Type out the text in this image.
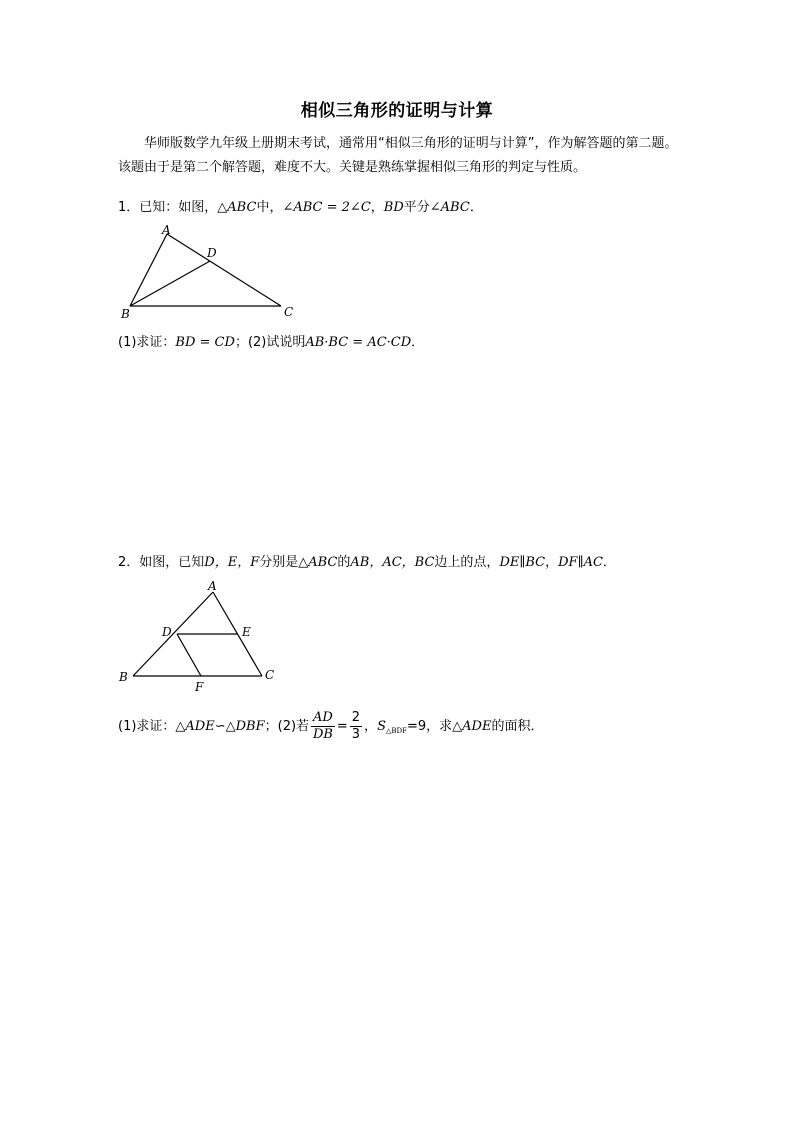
相似三角形的证明与计算
华师版数学九年级上册期末考试，通常用“相似三角形的证明与计算”，作为解答题的第二题。该题由于是第二个解答题，难度不大。关键是熟练掌握相似三角形的判定与性质。
1．已知：如图，△ABC中，∠ABC = 2∠C，BD平分∠ABC．
A
D
B	C
(1)求证：BD = CD；(2)试说明AB·BC = AC·CD．
2．如图，已知D，E，F分别是△ABC的AB，AC，BC边上的点，DE∥BC，DF∥AC．
A
D	E
B	C
F
(1)求证：△ADE∽△DBF；(2)若 $\frac{AD}{DB} = \frac{2}{3}$ ，$S_{\triangle BDF}=9$，求△ADE的面积．
